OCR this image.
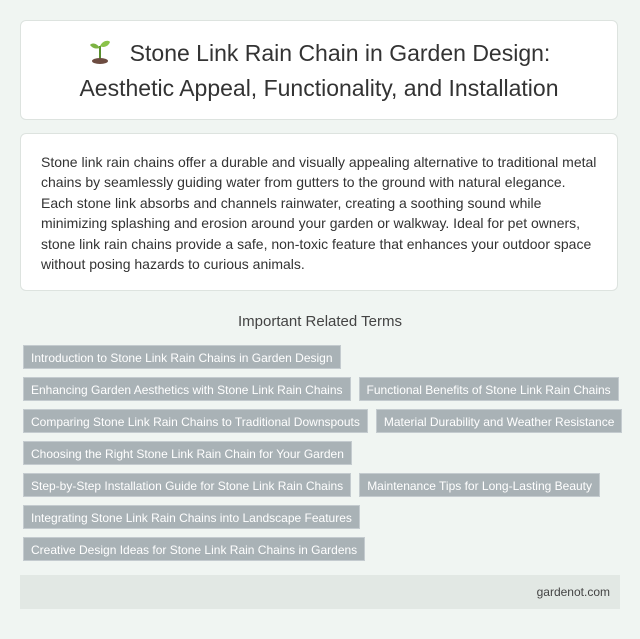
Stone Link Rain Chain in Garden Design:
Aesthetic Appeal, Functionality, and Installation

Stone link rain chains offer a durable and visually appealing alternative to traditional metal chains by seamlessly guiding water from gutters to the ground with natural elegance. Each stone link absorbs and channels rainwater, creating a soothing sound while minimizing splashing and erosion around your garden or walkway. Ideal for pet owners, stone link rain chains provide a safe, non-toxic feature that enhances your outdoor space without posing hazards to curious animals.

Important Related Terms
Introduction to Stone Link Rain Chains in Garden Design
Enhancing Garden Aesthetics with Stone Link Rain Chains	Functional Benefits of Stone Link Rain Chains
Comparing Stone Link Rain Chains to Traditional Downspouts	Material Durability and Weather Resistance
Choosing the Right Stone Link Rain Chain for Your Garden
Step-by-Step Installation Guide for Stone Link Rain Chains	Maintenance Tips for Long-Lasting Beauty
Integrating Stone Link Rain Chains into Landscape Features
Creative Design Ideas for Stone Link Rain Chains in Gardens
gardenot.com
